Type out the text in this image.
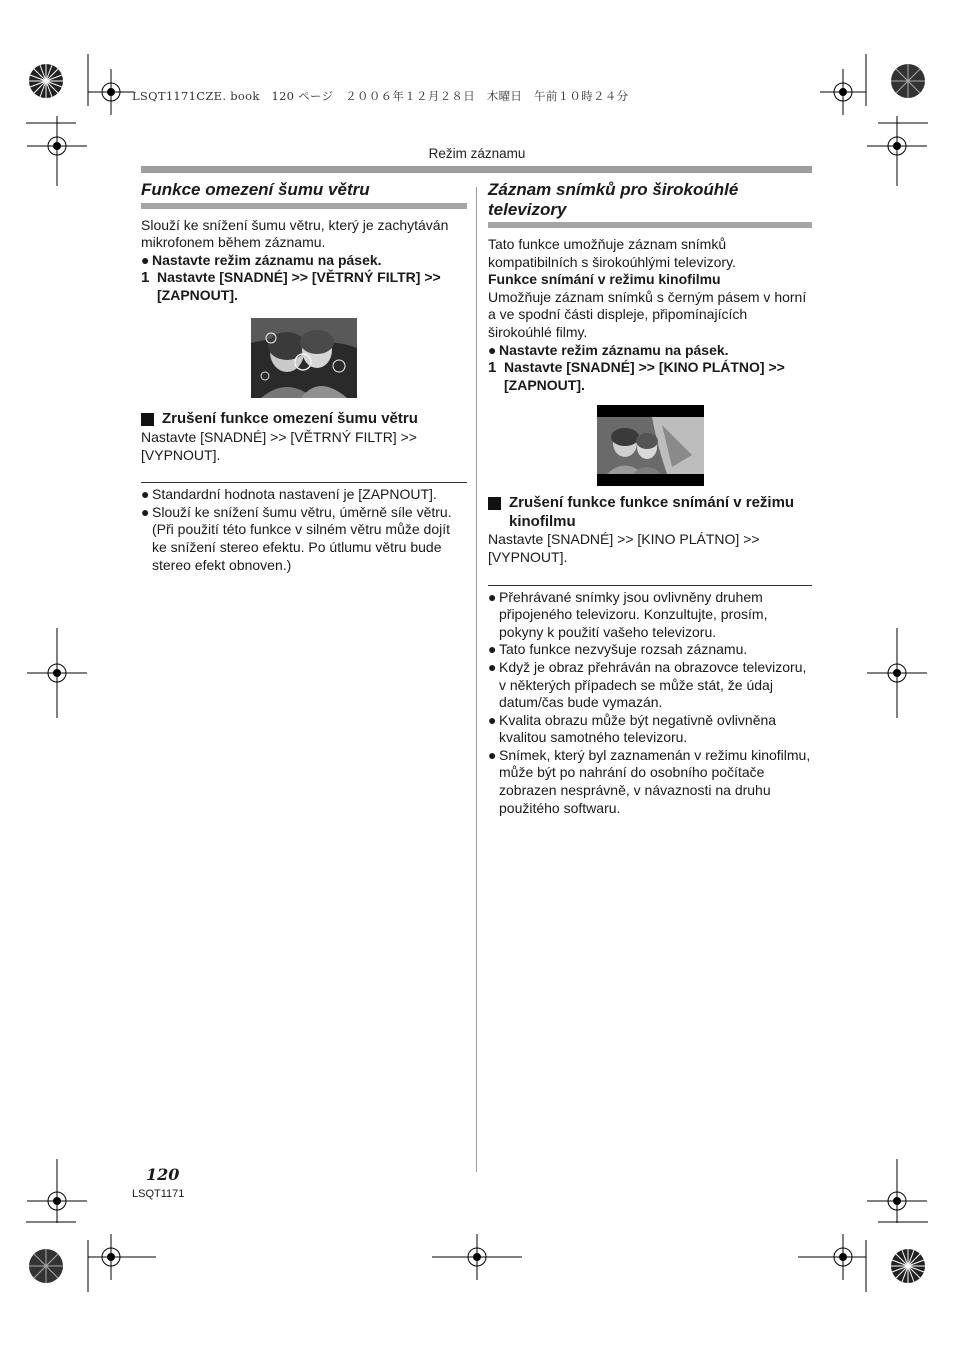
LSQT1171CZE. book　120 ページ　２００６年１２月２８日　木曜日　午前１０時２４分
Režim záznamu
Funkce omezení šumu větru

Slouží ke snížení šumu větru, který je zachytáván mikrofonem během záznamu.

● Nastavte režim záznamu na pásek.

1 Nastavte [SNADNÉ] >> [VĚTRNÝ FILTR] >> [ZAPNOUT].
Zrušení funkce omezení šumu větru

Nastavte [SNADNÉ] >> [VĚTRNÝ FILTR] >> [VYPNOUT].

● Standardní hodnota nastavení je [ZAPNOUT].
● Slouží ke snížení šumu větru, úměrně síle větru. (Při použití této funkce v silném větru může dojít ke snížení stereo efektu. Po útlumu větru bude stereo efekt obnoven.)
Záznam snímků pro širokoúhlé televizory

Tato funkce umožňuje záznam snímků kompatibilních s širokoúhlými televizory.

Funkce snímání v režimu kinofilmu

Umožňuje záznam snímků s černým pásem v horní a ve spodní části displeje, připomínajících širokoúhlé filmy.

● Nastavte režim záznamu na pásek.

1 Nastavte [SNADNÉ] >> [KINO PLÁTNO] >> [ZAPNOUT].
Zrušení funkce funkce snímání v režimu kinofilmu

Nastavte [SNADNÉ] >> [KINO PLÁTNO] >> [VYPNOUT].

● Přehrávané snímky jsou ovlivněny druhem připojeného televizoru. Konzultujte, prosím, pokyny k použití vašeho televizoru.
● Tato funkce nezvyšuje rozsah záznamu.
● Když je obraz přehráván na obrazovce televizoru, v některých případech se může stát, že údaj datum/čas bude vymazán.
● Kvalita obrazu může být negativně ovlivněna kvalitou samotného televizoru.
● Snímek, který byl zaznamenán v režimu kinofilmu, může být po nahrání do osobního počítače zobrazen nesprávně, v návaznosti na druhu použitého softwaru.
120
LSQT1171
